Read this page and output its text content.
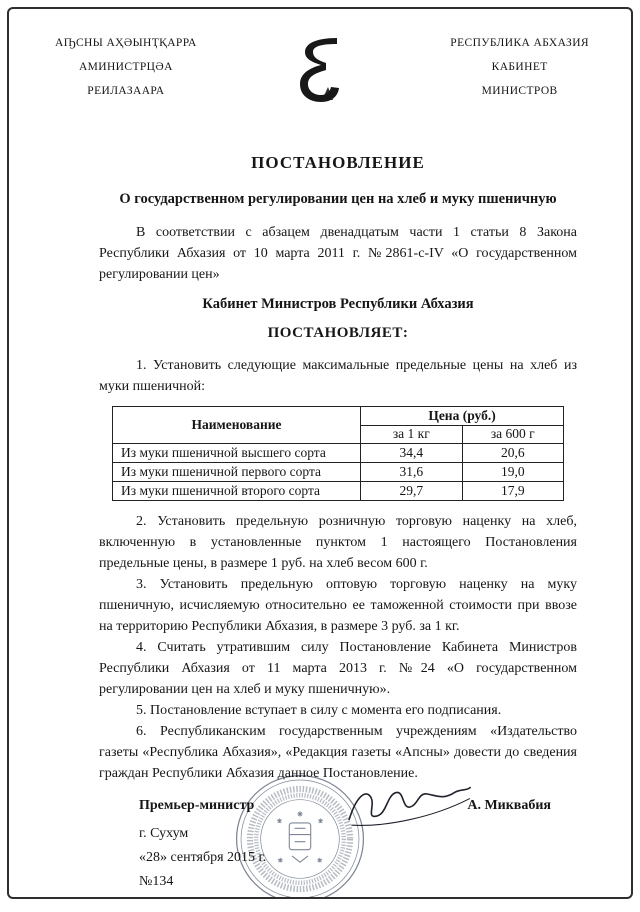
АҦСНЫ АҲӘЫНҬҚАРРА
АМИНИСТРЦӘА
РЕИЛАЗААРА
РЕСПУБЛИКА АБХАЗИЯ
КАБИНЕТ
МИНИСТРОВ
ПОСТАНОВЛЕНИЕ
О государственном регулировании цен на хлеб и муку пшеничную

В соответствии с абзацем двенадцатым части 1 статьи 8 Закона Республики Абхазия от 10 марта 2011 г. №2861-с-IV «О государственном регулировании цен»

Кабинет Министров Республики Абхазия

ПОСТАНОВЛЯЕТ:

1. Установить следующие максимальные предельные цены на хлеб из муки пшеничной:

Наименование	Цена (руб.)	
	за 1 кг	за 600 г
Из муки пшеничной высшего сорта	34,4	20,6
Из муки пшеничной первого сорта	31,6	19,0
Из муки пшеничной второго сорта	29,7	17,9

2. Установить предельную розничную торговую наценку на хлеб, включенную в установленные пунктом 1 настоящего Постановления предельные цены, в размере 1 руб. на хлеб весом 600 г.

3. Установить предельную оптовую торговую наценку на муку пшеничную, исчисляемую относительно ее таможенной стоимости при ввозе на территорию Республики Абхазия, в размере 3 руб. за 1 кг.

4. Считать утратившим силу Постановление Кабинета Министров Республики Абхазия от 11 марта 2013 г. №24 «О государственном регулировании цен на хлеб и муку пшеничную».

5. Постановление вступает в силу с момента его подписания.

6. Республиканским государственным учреждениям «Издательство газеты «Республика Абхазия», «Редакция газеты «Апсны» довести до сведения граждан Республики Абхазия данное Постановление.

Премьер-министр	А. Миквабия
г. Сухум
«28» сентября 2015 г.
№134
